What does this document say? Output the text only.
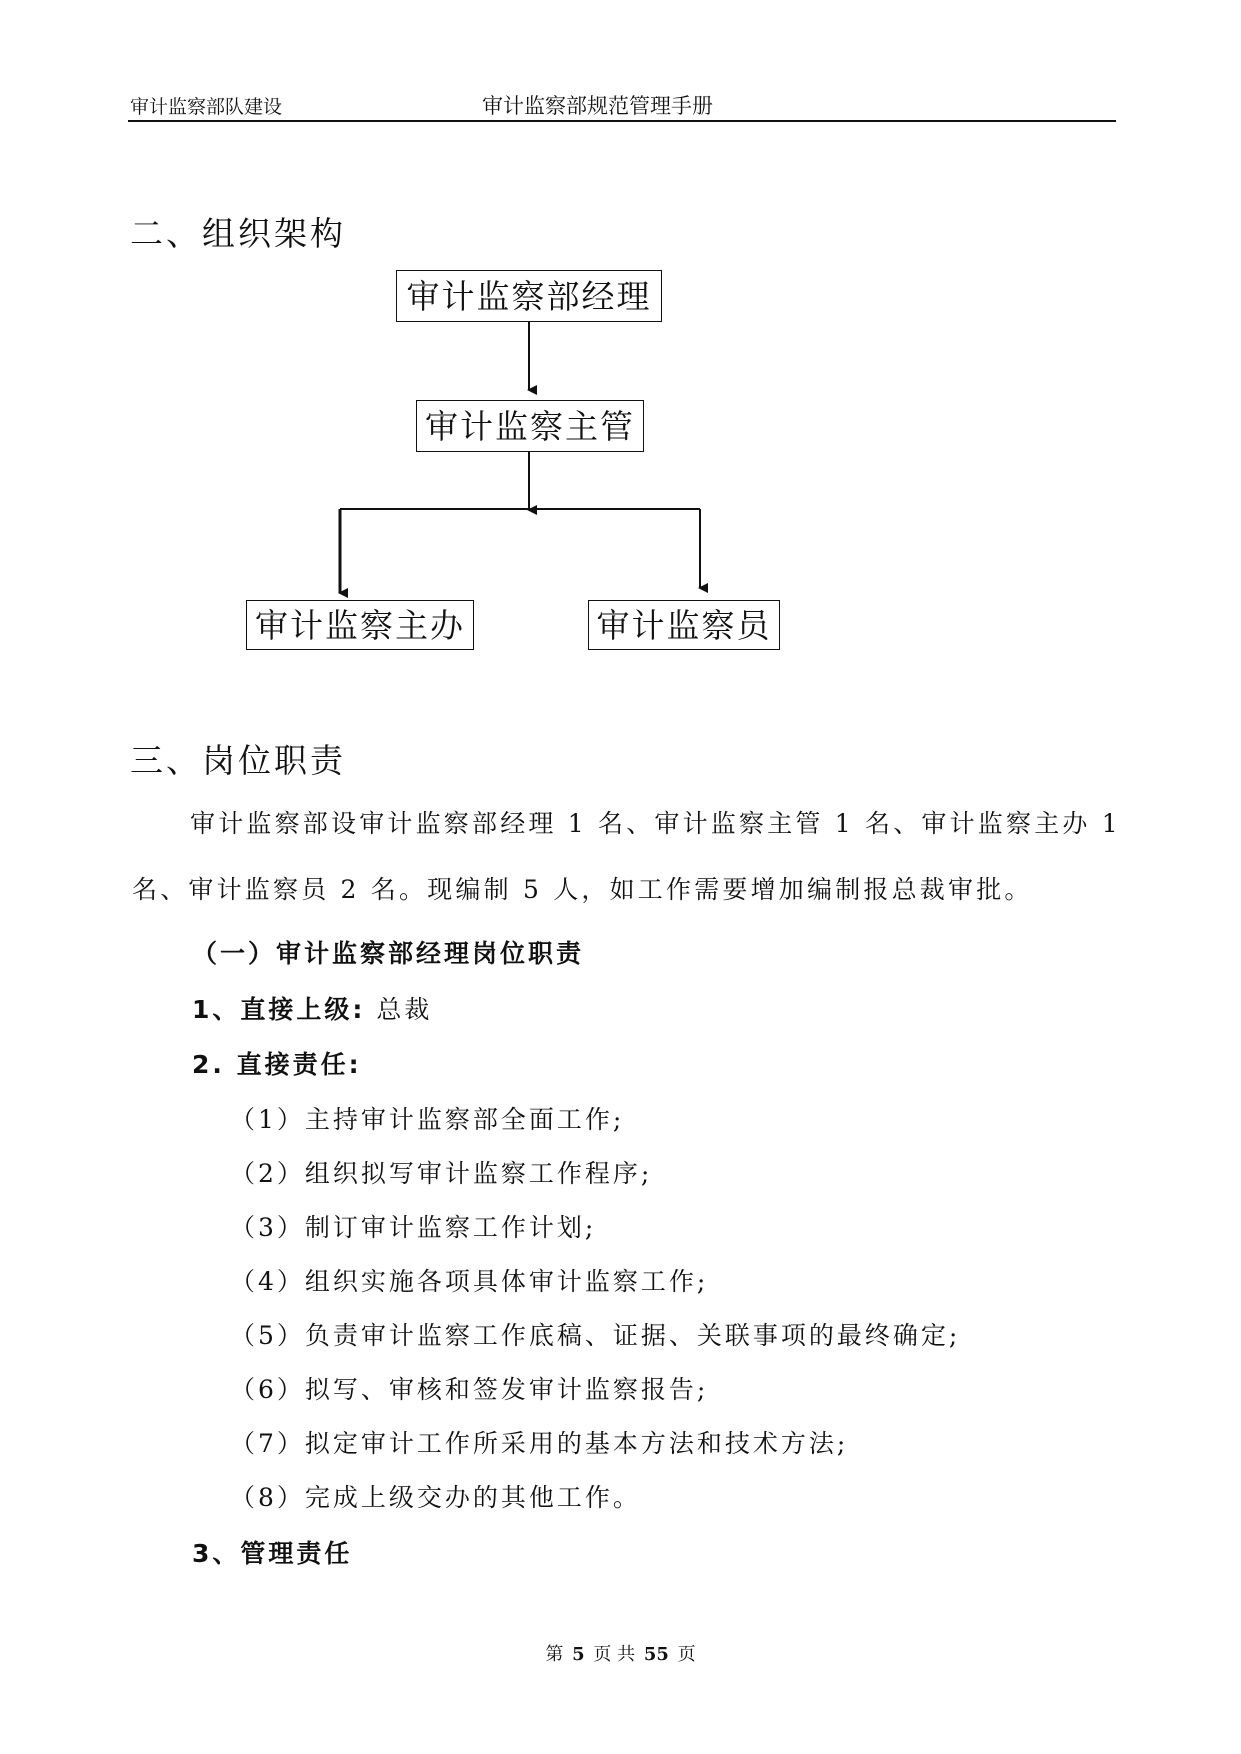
审计监察部队建设	审计监察部规范管理手册
二、组织架构
审计监察部经理
审计监察主管
审计监察主办	审计监察员
三、岗位职责
审计监察部设审计监察部经理 1 名、审计监察主管 1 名、审计监察主办 1
名、审计监察员 2 名。现编制 5 人，如工作需要增加编制报总裁审批。
（一）审计监察部经理岗位职责
1、直接上级: 总裁
2. 直接责任:
（1）主持审计监察部全面工作;
（2）组织拟写审计监察工作程序;
（3）制订审计监察工作计划;
（4）组织实施各项具体审计监察工作;
（5）负责审计监察工作底稿、证据、关联事项的最终确定;
（6）拟写、审核和签发审计监察报告;
（7）拟定审计工作所采用的基本方法和技术方法;
（8）完成上级交办的其他工作。
3、管理责任
第 5 页 共 55 页
